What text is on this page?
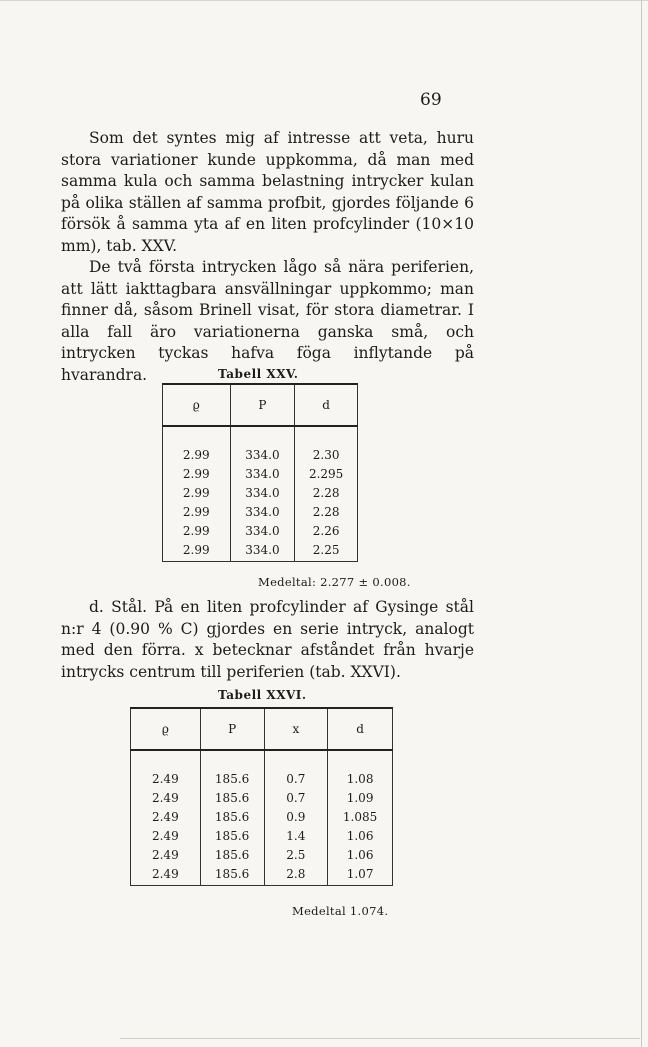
69

Som det syntes mig af intresse att veta, huru stora variationer kunde uppkomma, då man med samma kula och samma belastning intrycker kulan på olika ställen af samma profbit, gjordes följande 6 försök å samma yta af en liten profcylinder (10×10 mm), tab. XXV.

De två första intrycken lågo så nära periferien, att lätt iakttagbara ansvällningar uppkommo; man finner då, såsom Brinell visat, för stora diametrar. I alla fall äro variationerna ganska små, och intrycken tyckas hafva föga inflytande på hvarandra.	Tabell XXV.
ϱ	P	d
2.99	334.0	2.30
2.99	334.0	2.295
2.99	334.0	2.28
2.99	334.0	2.28
2.99	334.0	2.26
2.99	334.0	2.25
Medeltal: 2.277 ± 0.008.

d. Stål. På en liten profcylinder af Gysinge stål n:r 4 (0.90 % C) gjordes en serie intryck, analogt med den förra. x betecknar afståndet från hvarje intrycks centrum till periferien (tab. XXVI).

Tabell XXVI.
ϱ	P	x	d
2.49	185.6	0.7	1.08
2.49	185.6	0.7	1.09
2.49	185.6	0.9	1.085
2.49	185.6	1.4	1.06
2.49	185.6	2.5	1.06
2.49	185.6	2.8	1.07
Medeltal 1.074.
